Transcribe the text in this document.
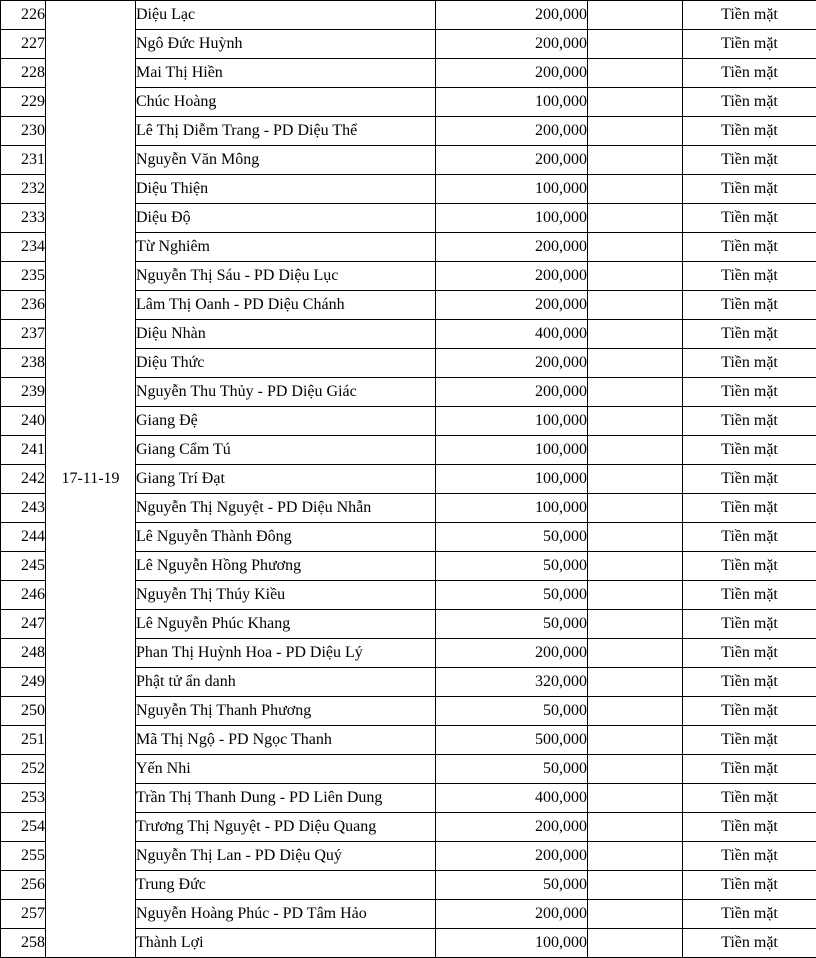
226	17-11-19	Diệu Lạc	200,000		Tiền mặt
227		Ngô Đức Huỳnh	200,000		Tiền mặt
228		Mai Thị Hiền	200,000		Tiền mặt
229		Chúc Hoàng	100,000		Tiền mặt
230		Lê Thị Diễm Trang - PD Diệu Thể	200,000		Tiền mặt
231		Nguyễn Văn Mông	200,000		Tiền mặt
232		Diệu Thiện	100,000		Tiền mặt
233		Diệu Độ	100,000		Tiền mặt
234		Từ Nghiêm	200,000		Tiền mặt
235		Nguyễn Thị Sáu - PD Diệu Lục	200,000		Tiền mặt
236		Lâm Thị Oanh - PD Diệu Chánh	200,000		Tiền mặt
237		Diệu Nhàn	400,000		Tiền mặt
238		Diệu Thức	200,000		Tiền mặt
239		Nguyễn Thu Thủy - PD Diệu Giác	200,000		Tiền mặt
240		Giang Đệ	100,000		Tiền mặt
241		Giang Cẩm Tú	100,000		Tiền mặt
242		Giang Trí Đạt	100,000		Tiền mặt
243		Nguyễn Thị Nguyệt - PD Diệu Nhẫn	100,000		Tiền mặt
244		Lê Nguyễn Thành Đông	50,000		Tiền mặt
245		Lê Nguyễn Hồng Phương	50,000		Tiền mặt
246		Nguyễn Thị Thúy Kiều	50,000		Tiền mặt
247		Lê Nguyễn Phúc Khang	50,000		Tiền mặt
248		Phan Thị Huỳnh Hoa - PD Diệu Lý	200,000		Tiền mặt
249		Phật tử ẩn danh	320,000		Tiền mặt
250		Nguyễn Thị Thanh Phương	50,000		Tiền mặt
251		Mã Thị Ngộ - PD Ngọc Thanh	500,000		Tiền mặt
252		Yến Nhi	50,000		Tiền mặt
253		Trần Thị Thanh Dung - PD Liên Dung	400,000		Tiền mặt
254		Trương Thị Nguyệt - PD Diệu Quang	200,000		Tiền mặt
255		Nguyễn Thị Lan - PD Diệu Quý	200,000		Tiền mặt
256		Trung Đức	50,000		Tiền mặt
257		Nguyễn Hoàng Phúc - PD Tâm Hảo	200,000		Tiền mặt
258		Thành Lợi	100,000		Tiền mặt
